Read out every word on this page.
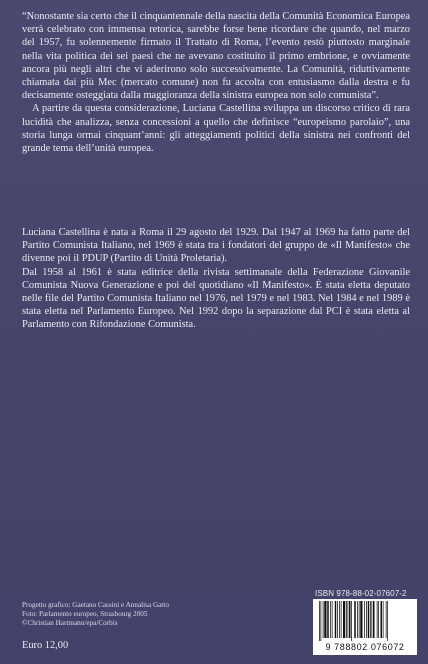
“Nonostante sia certo che il cinquantennale della nascita della Comunità Economica Europea verrà celebrato con immensa retorica, sarebbe forse bene ricordare che quando, nel marzo del 1957, fu solennemente firmato il Trattato di Roma, l’evento restò piuttosto marginale nella vita politica dei sei paesi che ne avevano costituito il primo embrione, e ovviamente ancora più negli altri che vi aderirono solo successivamente. La Comunità, riduttivamente chiamata dai più Mec (mercato comune) non fu accolta con entusiasmo dalla destra e fu decisamente osteggiata dalla maggioranza della sinistra europea non solo comunista”.

A partire da questa considerazione, Luciana Castellina sviluppa un discorso critico di rara lucidità che analizza, senza concessioni a quello che definisce “europeismo parolaio”, una storia lunga ormai cinquant’anni: gli atteggiamenti politici della sinistra nei confronti del grande tema dell’unità europea.

Luciana Castellina è nata a Roma il 29 agosto del 1929. Dal 1947 al 1969 ha fatto parte del Partito Comunista Italiano, nel 1969 è stata tra i fondatori del gruppo de «Il Manifesto» che divenne poi il PDUP (Partito di Unità Proletaria).

Dal 1958 al 1961 è stata editrice della rivista settimanale della Federazione Giovanile Comunista Nuova Generazione e poi del quotidiano «Il Manifesto». È stata eletta deputato nelle file del Partito Comunista Italiano nel 1976, nel 1979 e nel 1983. Nel 1984 e nel 1989 è stata eletta nel Parlamento Europeo. Nel 1992 dopo la separazione dal PCI è stata eletta al Parlamento con Rifondazione Comunista.

Progetto grafico: Gaetano Cassini e Annalisa Gatto
Foto: Parlamento europeo, Strasbourg 2005
©Christian Hartmann/epa/Corbis
Euro 12,00
ISBN 978-88-02-07607-2
9 788802 076072
